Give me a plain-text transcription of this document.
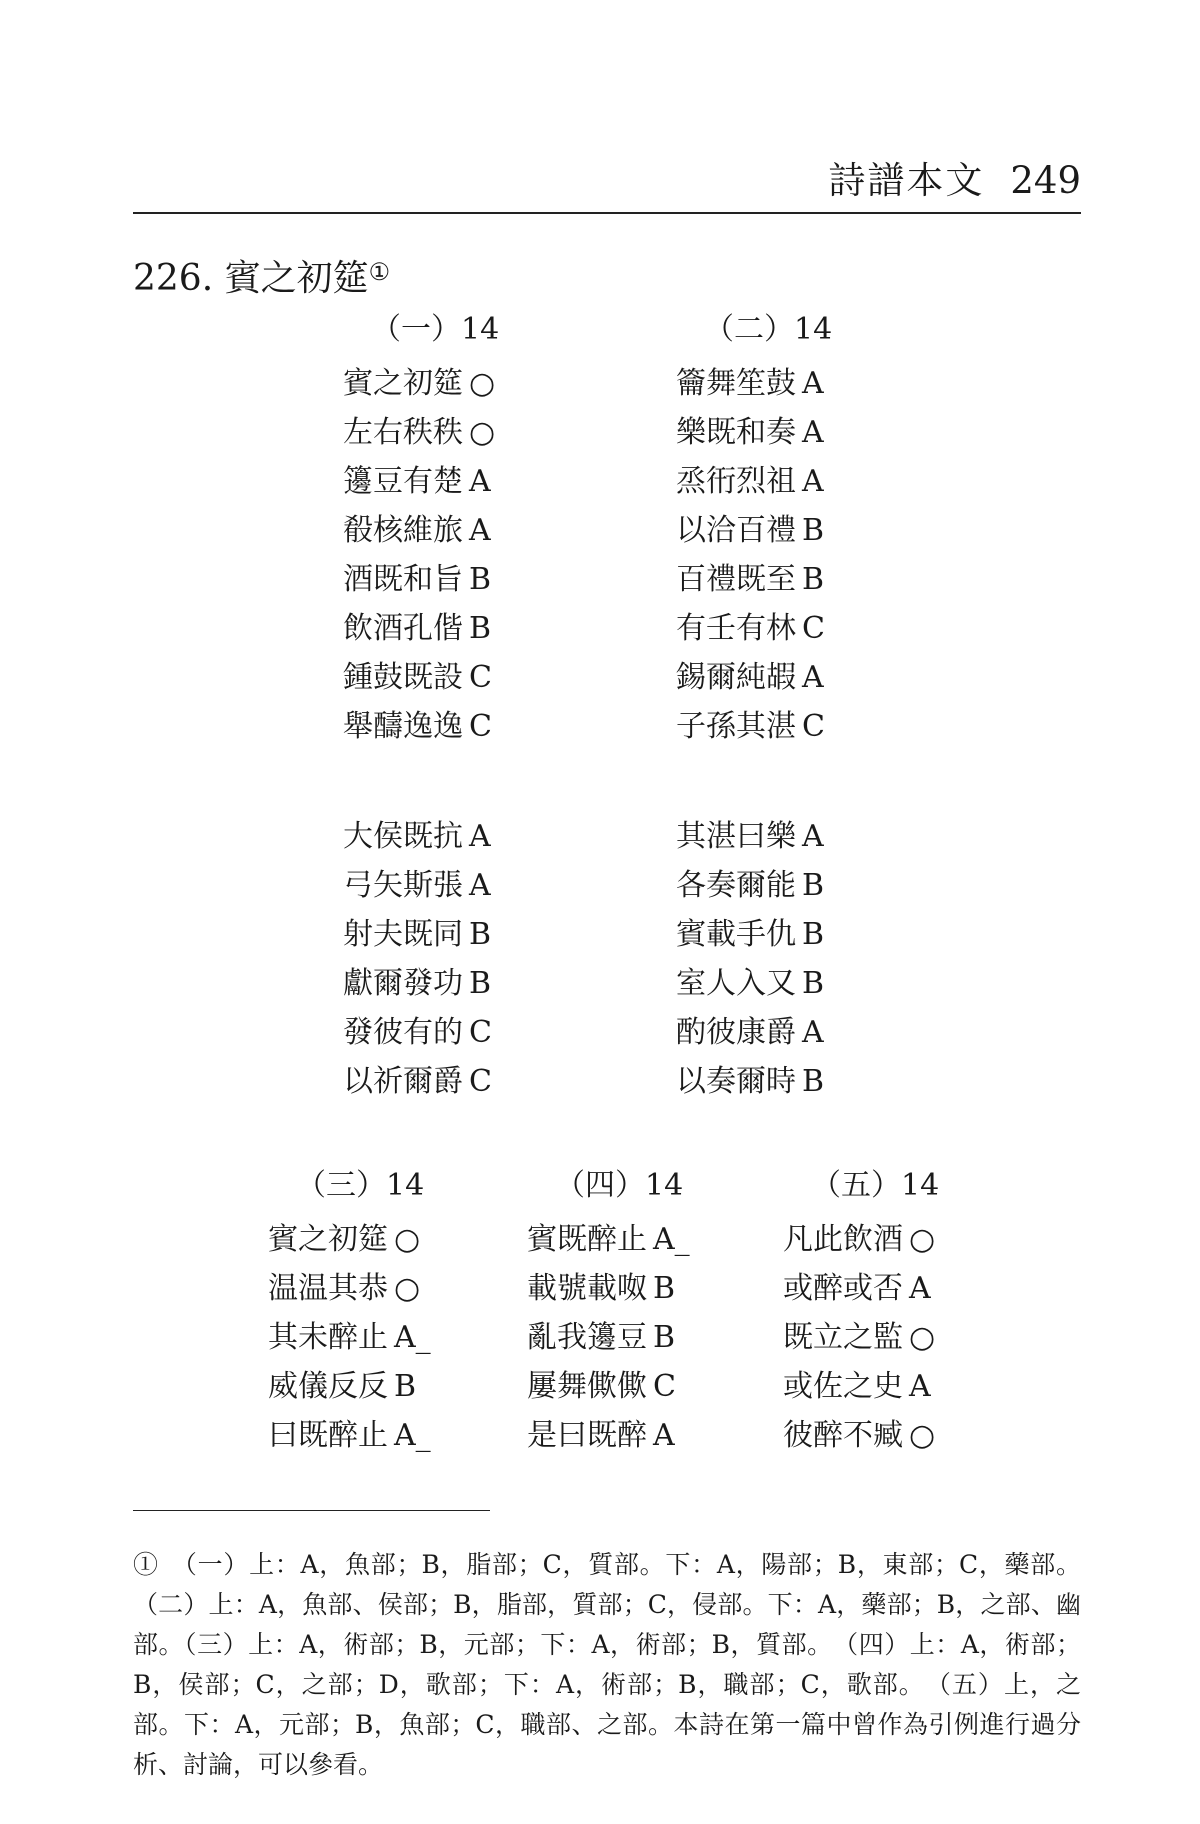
詩譜本文 249
226. 賓之初筵①
（一）14
賓之初筵 ○
左右秩秩 ○
籩豆有楚 A
殽核維旅 A
酒既和旨 B
飲酒孔偕 B
鍾鼓既設 C
舉醻逸逸 C
（二）14
籥舞笙鼓 A
樂既和奏 A
烝衎烈祖 A
以洽百禮 B
百禮既至 B
有壬有林 C
錫爾純嘏 A
子孫其湛 C
大侯既抗 A
弓矢斯張 A
射夫既同 B
獻爾發功 B
發彼有的 C
以祈爾爵 C
其湛曰樂 A
各奏爾能 B
賓載手仇 B
室人入又 B
酌彼康爵 A
以奏爾時 B
（三）14
賓之初筵 ○
温温其恭 ○
其未醉止 A_
威儀反反 B
曰既醉止 A_
（四）14
賓既醉止 A_
載號載呶 B
亂我籩豆 B
屢舞僛僛 C
是曰既醉 A
（五）14
凡此飲酒 ○
或醉或否 A
既立之監 ○
或佐之史 A
彼醉不臧 ○

①　（一）上：A，魚部；B，脂部；C，質部。下：A，陽部；B，東部；C，藥部。（二）上：A，魚部、侯部；B，脂部，質部；C，侵部。下：A，藥部；B，之部、幽部。（三）上：A，術部；B，元部；下：A，術部；B，質部。　（四）上：A，術部；B，侯部；C，之部；D，歌部；下：A，術部；B，職部；C，歌部。　（五）上，之部。下：A，元部；B，魚部；C，職部、之部。本詩在第一篇中曾作為引例進行過分析、討論，可以參看。
